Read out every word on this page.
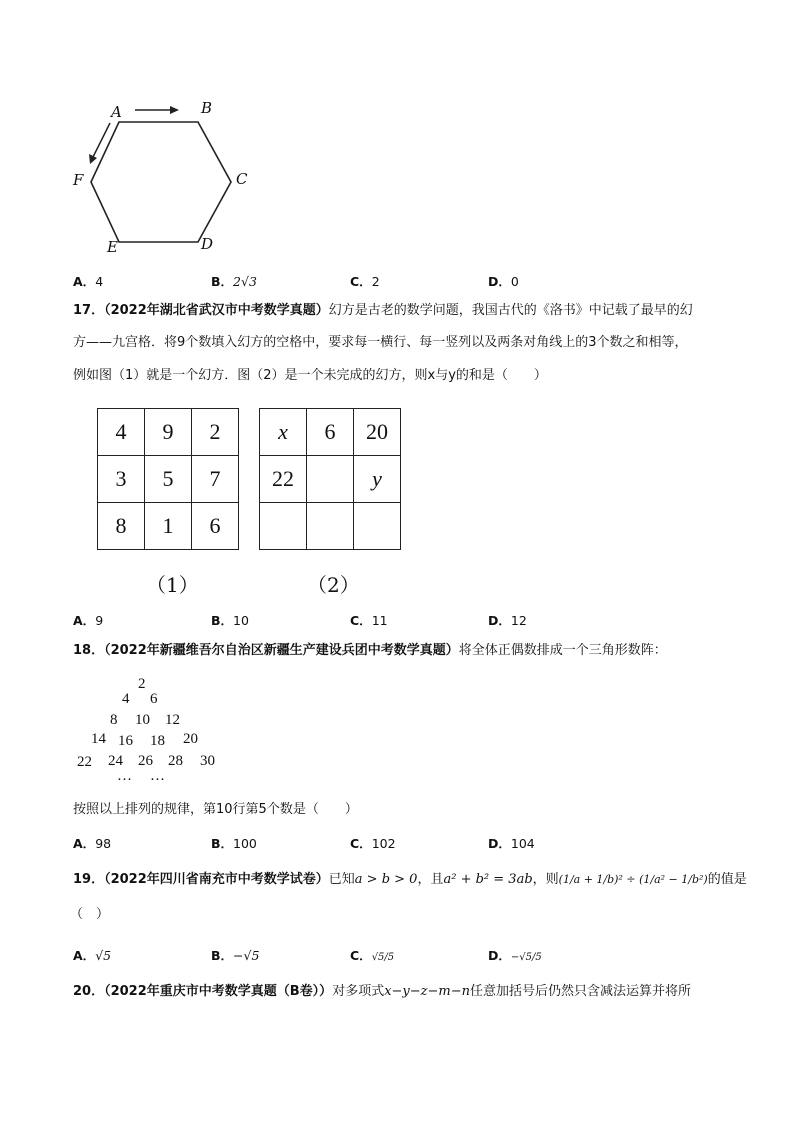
A	B
C
D
E
F
A．4	B．2√3	C．2	D．0
17．（2022年湖北省武汉市中考数学真题）幻方是古老的数学问题，我国古代的《洛书》中记载了最早的幻
方——九宫格．将9个数填入幻方的空格中，要求每一横行、每一竖列以及两条对角线上的3个数之和相等，
例如图（1）就是一个幻方．图（2）是一个未完成的幻方，则x与y的和是（　　）
4	9	2
3	5	7
8	1	6
x	6	20
22		y

（1）	（2）
A．9	B．10	C．11	D．12
18．（2022年新疆维吾尔自治区新疆生产建设兵团中考数学真题）将全体正偶数排成一个三角形数阵：
2
4 6
8 10 12
14 16 18 20
22 24 26 28 30
… …
按照以上排列的规律，第10行第5个数是（　　）
A．98	B．100	C．102	D．104
19．（2022年四川省南充市中考数学试卷）已知a > b > 0，且a² + b² = 3ab，则(1/a + 1/b)² ÷ (1/a² − 1/b²)的值是
（　）
A．√5	B．−√5	C．√5/5	D．−√5/5
20．（2022年重庆市中考数学真题（B卷））对多项式x−y−z−m−n任意加括号后仍然只含减法运算并将所
